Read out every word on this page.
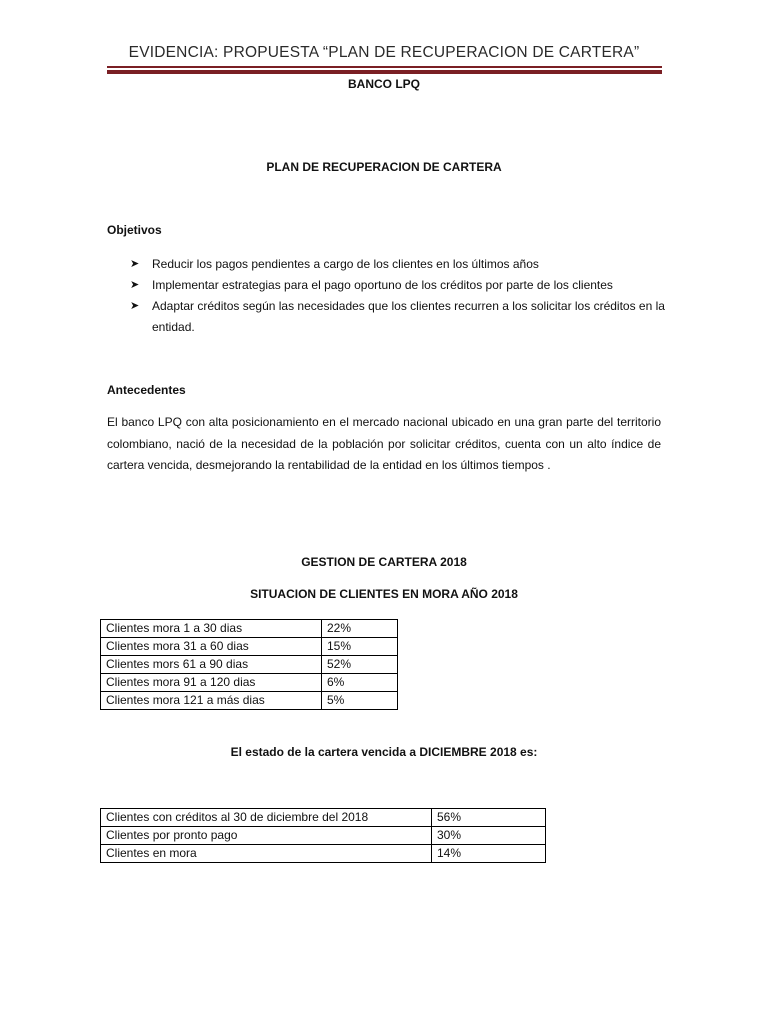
EVIDENCIA: PROPUESTA “PLAN DE RECUPERACION DE CARTERA”
BANCO LPQ
PLAN DE RECUPERACION DE CARTERA
Objetivos
➤ Reducir los pagos pendientes a cargo de los clientes en los últimos años
➤ Implementar estrategias para el pago oportuno de los créditos por parte de los clientes
➤ Adaptar créditos según las necesidades que los clientes recurren a los solicitar los créditos en la entidad.
Antecedentes
El banco LPQ con alta posicionamiento en el mercado nacional ubicado en una gran parte del territorio colombiano, nació de la necesidad de la población por solicitar créditos, cuenta con un alto índice de cartera vencida, desmejorando la rentabilidad de la entidad en los últimos tiempos .
GESTION DE CARTERA 2018
SITUACION DE CLIENTES EN MORA AÑO 2018
Clientes mora 1 a 30 dias	22%
Clientes mora 31 a 60 dias	15%
Clientes mors 61 a 90 dias	52%
Clientes mora 91 a 120 dias	6%
Clientes mora 121 a más dias	5%
El estado de la cartera vencida a DICIEMBRE 2018 es:
Clientes con créditos al 30 de diciembre del 2018	56%
Clientes por pronto pago	30%
Clientes en mora	14%
